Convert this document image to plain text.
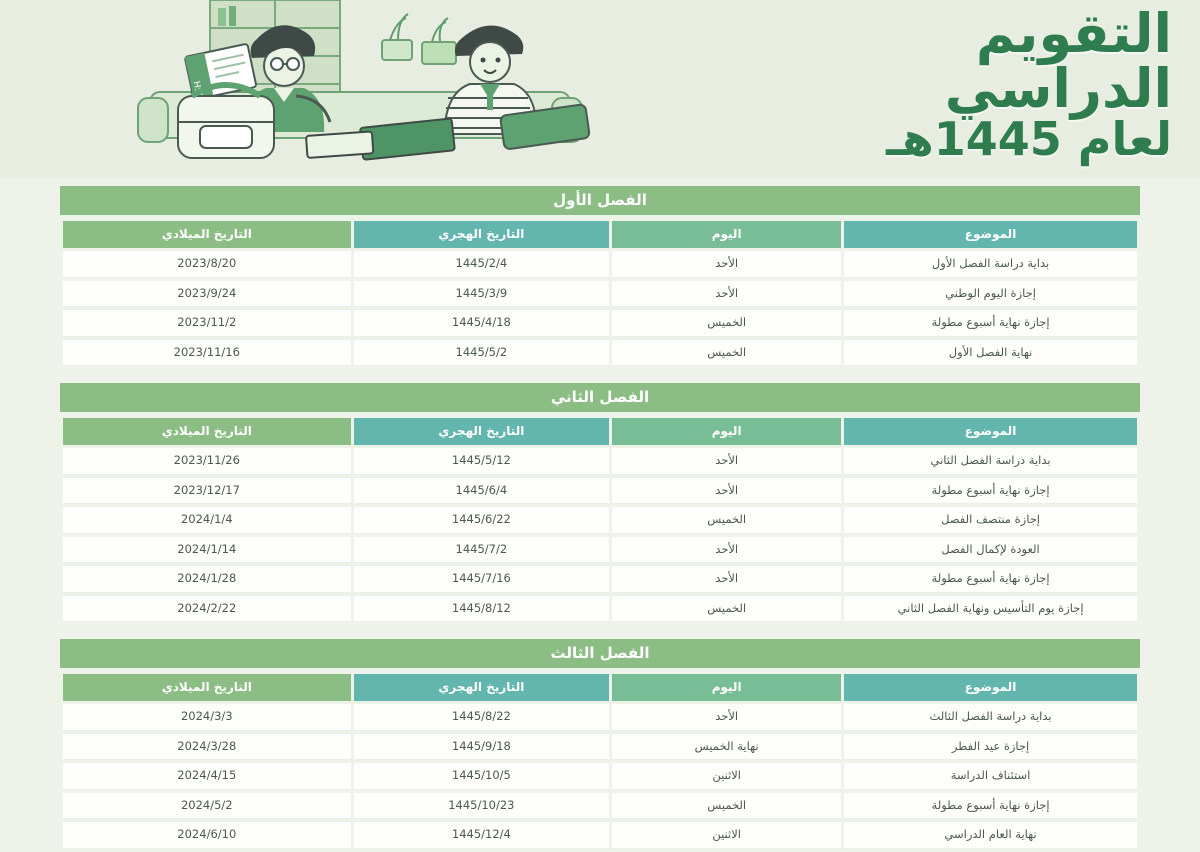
التقويم
الدراسي
لعام 1445هـ
الفصل الأول
الموضوع	اليوم	التاريخ الهجري	التاريخ الميلادي
بداية دراسة الفصل الأول	الأحد	1445/2/4	2023/8/20
إجازة اليوم الوطني	الأحد	1445/3/9	2023/9/24
إجازة نهاية أسبوع مطولة	الخميس	1445/4/18	2023/11/2
نهاية الفصل الأول	الخميس	1445/5/2	2023/11/16
الفصل الثاني
الموضوع	اليوم	التاريخ الهجري	التاريخ الميلادي
بداية دراسة الفصل الثاني	الأحد	1445/5/12	2023/11/26
إجازة نهاية أسبوع مطولة	الأحد	1445/6/4	2023/12/17
إجازة منتصف الفصل	الخميس	1445/6/22	2024/1/4
العودة لإكمال الفصل	الأحد	1445/7/2	2024/1/14
إجازة نهاية أسبوع مطولة	الأحد	1445/7/16	2024/1/28
إجازة يوم التأسيس ونهاية الفصل الثاني	الخميس	1445/8/12	2024/2/22
الفصل الثالث
الموضوع	اليوم	التاريخ الهجري	التاريخ الميلادي
بداية دراسة الفصل الثالث	الأحد	1445/8/22	2024/3/3
إجازة عيد الفطر	نهاية الخميس	1445/9/18	2024/3/28
استئناف الدراسة	الاثنين	1445/10/5	2024/4/15
إجازة نهاية أسبوع مطولة	الخميس	1445/10/23	2024/5/2
نهاية العام الدراسي	الاثنين	1445/12/4	2024/6/10
